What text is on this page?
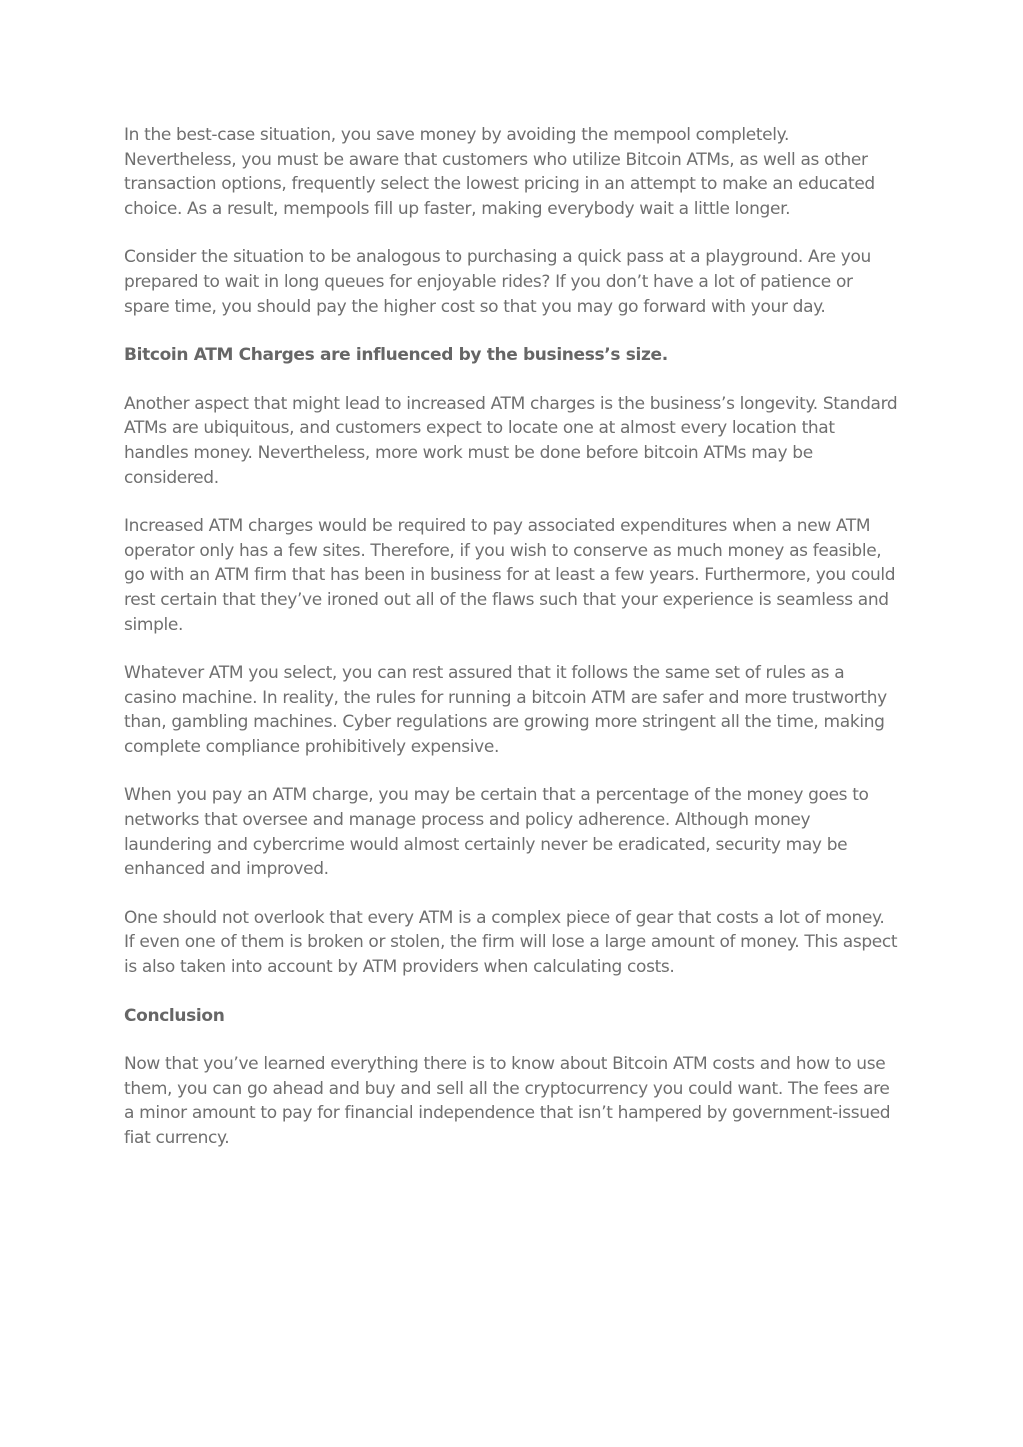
In the best-case situation, you save money by avoiding the mempool completely. Nevertheless, you must be aware that customers who utilize Bitcoin ATMs, as well as other transaction options, frequently select the lowest pricing in an attempt to make an educated choice. As a result, mempools fill up faster, making everybody wait a little longer.

Consider the situation to be analogous to purchasing a quick pass at a playground. Are you prepared to wait in long queues for enjoyable rides? If you don’t have a lot of patience or spare time, you should pay the higher cost so that you may go forward with your day.

Bitcoin ATM Charges are influenced by the business’s size.

Another aspect that might lead to increased ATM charges is the business’s longevity. Standard ATMs are ubiquitous, and customers expect to locate one at almost every location that handles money. Nevertheless, more work must be done before bitcoin ATMs may be considered.

Increased ATM charges would be required to pay associated expenditures when a new ATM operator only has a few sites. Therefore, if you wish to conserve as much money as feasible, go with an ATM firm that has been in business for at least a few years. Furthermore, you could rest certain that they’ve ironed out all of the flaws such that your experience is seamless and simple.

Whatever ATM you select, you can rest assured that it follows the same set of rules as a casino machine. In reality, the rules for running a bitcoin ATM are safer and more trustworthy than, gambling machines. Cyber regulations are growing more stringent all the time, making complete compliance prohibitively expensive.

When you pay an ATM charge, you may be certain that a percentage of the money goes to networks that oversee and manage process and policy adherence. Although money laundering and cybercrime would almost certainly never be eradicated, security may be enhanced and improved.

One should not overlook that every ATM is a complex piece of gear that costs a lot of money. If even one of them is broken or stolen, the firm will lose a large amount of money. This aspect is also taken into account by ATM providers when calculating costs.

Conclusion

Now that you’ve learned everything there is to know about Bitcoin ATM costs and how to use them, you can go ahead and buy and sell all the cryptocurrency you could want. The fees are a minor amount to pay for financial independence that isn’t hampered by government-issued fiat currency.
